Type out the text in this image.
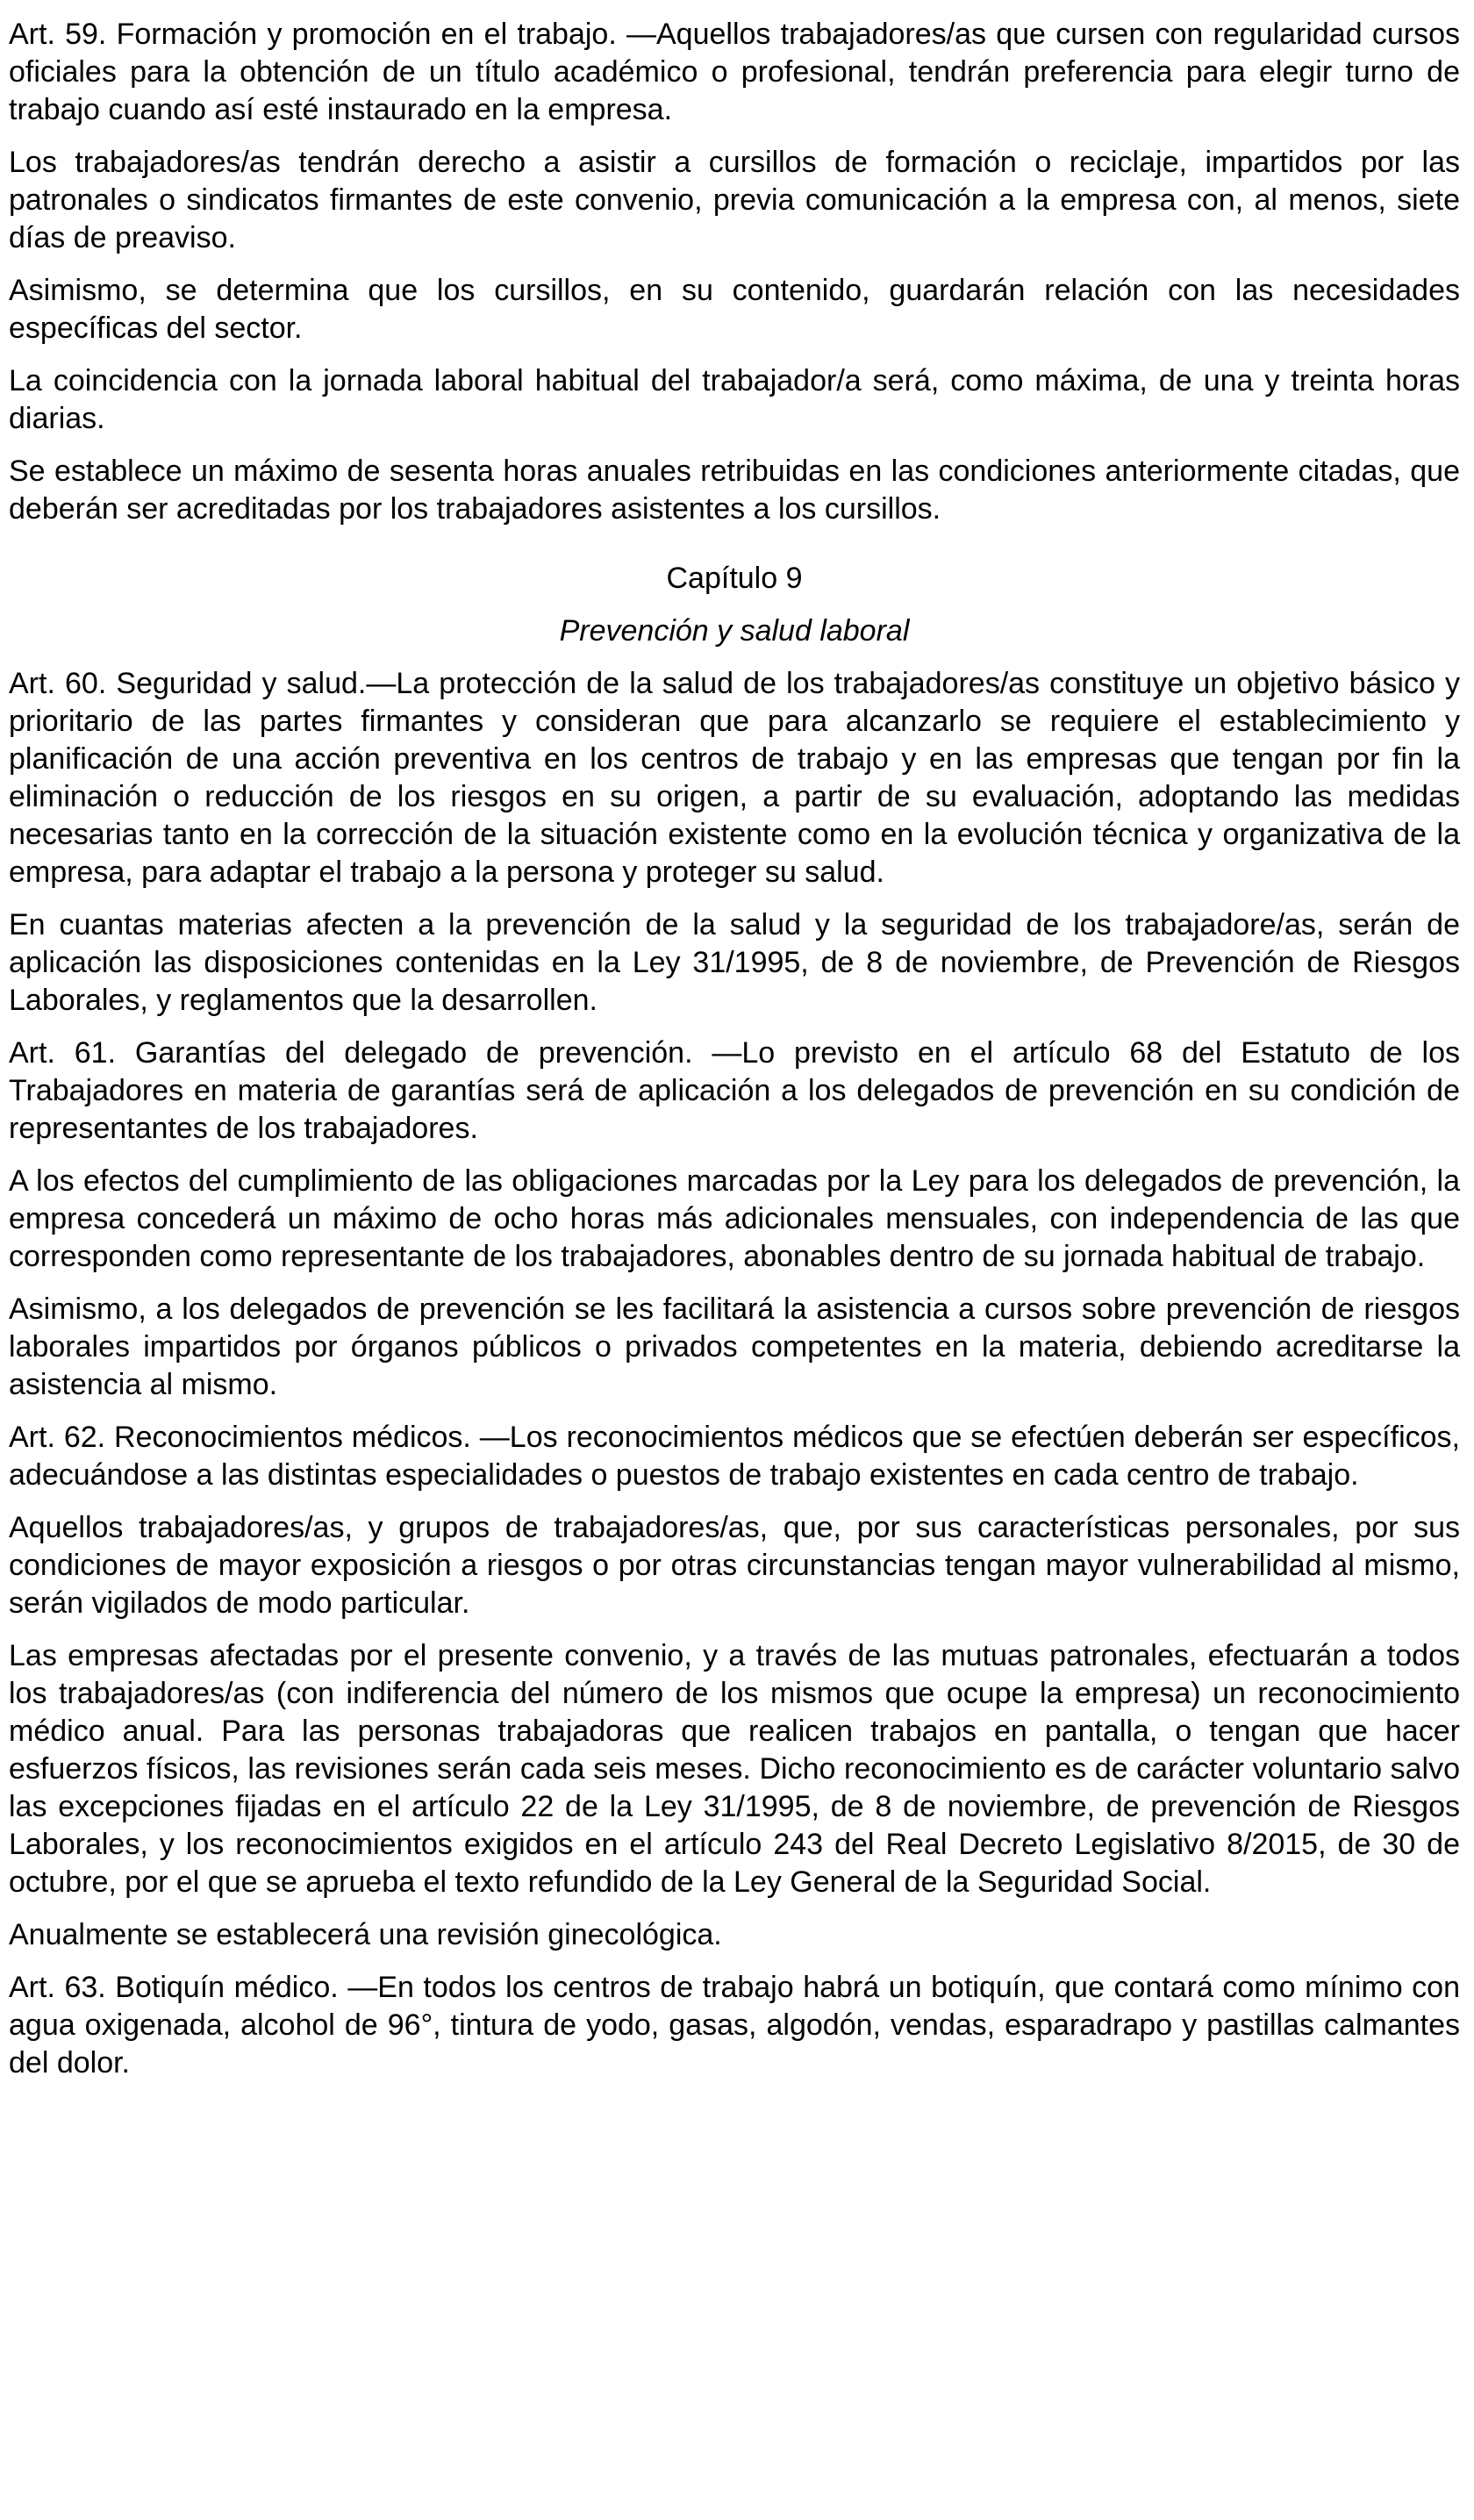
Art. 59. Formación y promoción en el trabajo. —Aquellos trabajadores/as que cursen con regularidad cursos oficiales para la obtención de un título académico o profesional, tendrán preferencia para elegir turno de trabajo cuando así esté instaurado en la empresa.

Los trabajadores/as tendrán derecho a asistir a cursillos de formación o reciclaje, impartidos por las patronales o sindicatos firmantes de este convenio, previa comunicación a la empresa con, al menos, siete días de preaviso.

Asimismo, se determina que los cursillos, en su contenido, guardarán relación con las necesidades específicas del sector.

La coincidencia con la jornada laboral habitual del trabajador/a será, como máxima, de una y treinta horas diarias.

Se establece un máximo de sesenta horas anuales retribuidas en las condiciones anteriormente citadas, que deberán ser acreditadas por los trabajadores asistentes a los cursillos.

Capítulo 9
Prevención y salud laboral

Art. 60. Seguridad y salud.—La protección de la salud de los trabajadores/as constituye un objetivo básico y prioritario de las partes firmantes y consideran que para alcanzarlo se requiere el establecimiento y planificación de una acción preventiva en los centros de trabajo y en las empresas que tengan por fin la eliminación o reducción de los riesgos en su origen, a partir de su evaluación, adoptando las medidas necesarias tanto en la corrección de la situación existente como en la evolución técnica y organizativa de la empresa, para adaptar el trabajo a la persona y proteger su salud.

En cuantas materias afecten a la prevención de la salud y la seguridad de los trabajadore/as, serán de aplicación las disposiciones contenidas en la Ley 31/1995, de 8 de noviembre, de Prevención de Riesgos Laborales, y reglamentos que la desarrollen.

Art. 61. Garantías del delegado de prevención. —Lo previsto en el artículo 68 del Estatuto de los Trabajadores en materia de garantías será de aplicación a los delegados de prevención en su condición de representantes de los trabajadores.

A los efectos del cumplimiento de las obligaciones marcadas por la Ley para los delegados de prevención, la empresa concederá un máximo de ocho horas más adicionales mensuales, con independencia de las que corresponden como representante de los trabajadores, abonables dentro de su jornada habitual de trabajo.

Asimismo, a los delegados de prevención se les facilitará la asistencia a cursos sobre prevención de riesgos laborales impartidos por órganos públicos o privados competentes en la materia, debiendo acreditarse la asistencia al mismo.

Art. 62. Reconocimientos médicos. —Los reconocimientos médicos que se efectúen deberán ser específicos, adecuándose a las distintas especialidades o puestos de trabajo existentes en cada centro de trabajo.

Aquellos trabajadores/as, y grupos de trabajadores/as, que, por sus características personales, por sus condiciones de mayor exposición a riesgos o por otras circunstancias tengan mayor vulnerabilidad al mismo, serán vigilados de modo particular.

Las empresas afectadas por el presente convenio, y a través de las mutuas patronales, efectuarán a todos los trabajadores/as (con indiferencia del número de los mismos que ocupe la empresa) un reconocimiento médico anual. Para las personas trabajadoras que realicen trabajos en pantalla, o tengan que hacer esfuerzos físicos, las revisiones serán cada seis meses. Dicho reconocimiento es de carácter voluntario salvo las excepciones fijadas en el artículo 22 de la Ley 31/1995, de 8 de noviembre, de prevención de Riesgos Laborales, y los reconocimientos exigidos en el artículo 243 del Real Decreto Legislativo 8/2015, de 30 de octubre, por el que se aprueba el texto refundido de la Ley General de la Seguridad Social.

Anualmente se establecerá una revisión ginecológica.

Art. 63. Botiquín médico. —En todos los centros de trabajo habrá un botiquín, que contará como mínimo con agua oxigenada, alcohol de 96°, tintura de yodo, gasas, algodón, vendas, esparadrapo y pastillas calmantes del dolor.
